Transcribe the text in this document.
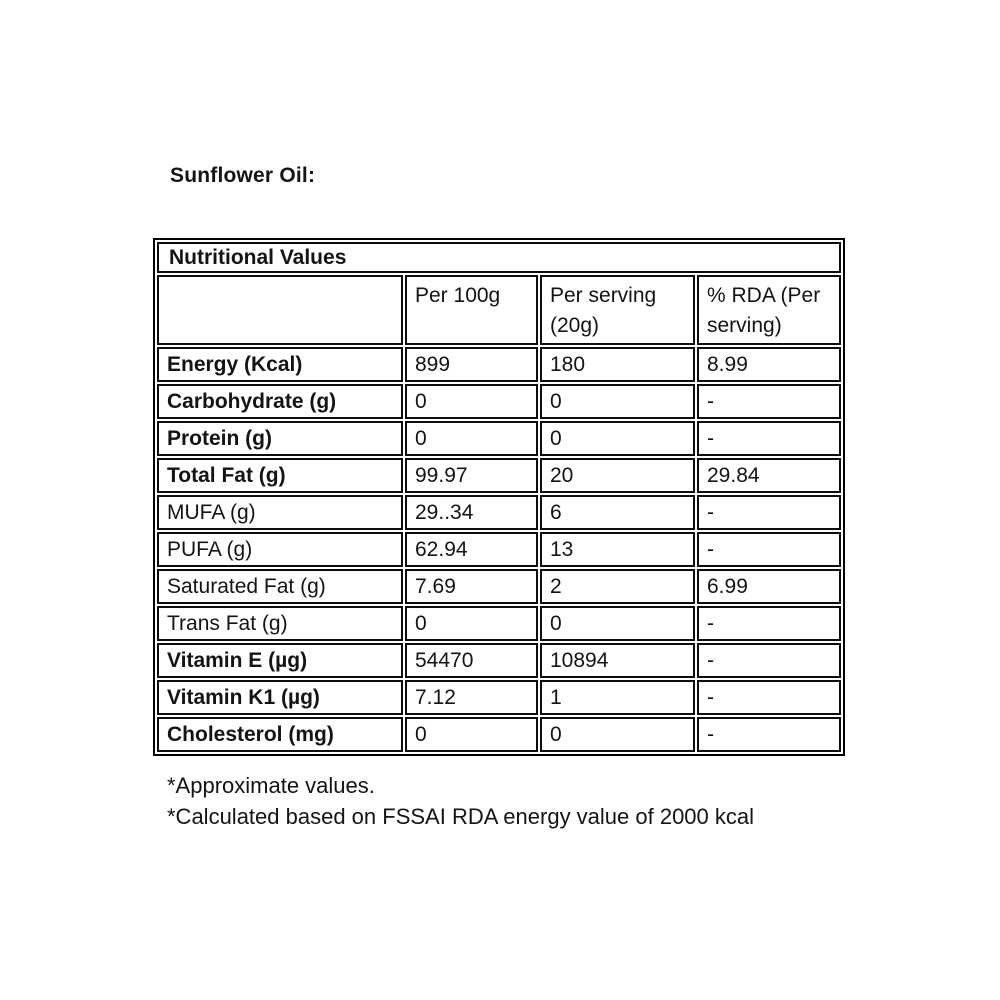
Sunflower Oil:
Nutritional Values			
	Per 100g	Per serving (20g)	% RDA (Per serving)
Energy (Kcal)	899	180	8.99
Carbohydrate (g)	0	0	-
Protein (g)	0	0	-
Total Fat (g)	99.97	20	29.84
MUFA (g)	29..34	6	-
PUFA (g)	62.94	13	-
Saturated Fat (g)	7.69	2	6.99
Trans Fat (g)	0	0	-
Vitamin E (µg)	54470	10894	-
Vitamin K1 (µg)	7.12	1	-
Cholesterol (mg)	0	0	-
*Approximate values.
*Calculated based on FSSAI RDA energy value of 2000 kcal
